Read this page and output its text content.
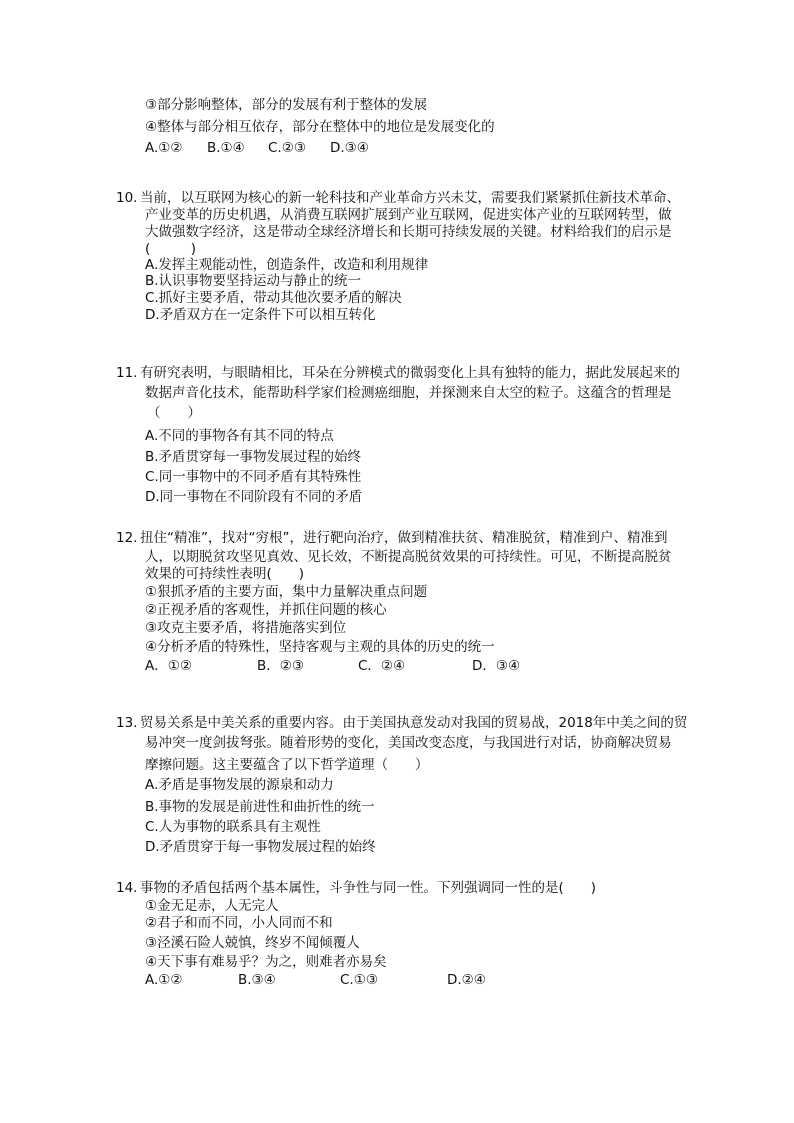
③部分影响整体，部分的发展有利于整体的发展
④整体与部分相互依存，部分在整体中的地位是发展变化的
A.①② B.①④ C.②③ D.③④
10. 当前，以互联网为核心的新一轮科技和产业革命方兴未艾，需要我们紧紧抓住新技术革命、
产业变革的历史机遇，从消费互联网扩展到产业互联网，促进实体产业的互联网转型，做
大做强数字经济，这是带动全球经济增长和长期可持续发展的关键。材料给我们的启示是
(　　　)
A.发挥主观能动性，创造条件，改造和利用规律
B.认识事物要坚持运动与静止的统一
C.抓好主要矛盾，带动其他次要矛盾的解决
D.矛盾双方在一定条件下可以相互转化
11. 有研究表明，与眼睛相比，耳朵在分辨模式的微弱变化上具有独特的能力，据此发展起来的
数据声音化技术，能帮助科学家们检测癌细胞，并探测来自太空的粒子。这蕴含的哲理是
（　　）
A.不同的事物各有其不同的特点
B.矛盾贯穿每一事物发展过程的始终
C.同一事物中的不同矛盾有其特殊性
D.同一事物在不同阶段有不同的矛盾
12. 扭住“精准”，找对“穷根”，进行靶向治疗，做到精准扶贫、精准脱贫，精准到户、精准到
人，以期脱贫攻坚见真效、见长效，不断提高脱贫效果的可持续性。可见，不断提高脱贫
效果的可持续性表明(　　)
①狠抓矛盾的主要方面，集中力量解决重点问题
②正视矛盾的客观性，并抓住问题的核心
③攻克主要矛盾，将措施落实到位
④分析矛盾的特殊性，坚持客观与主观的具体的历史的统一
A．①②	B．②③	C．②④	D．③④
13. 贸易关系是中美关系的重要内容。由于美国执意发动对我国的贸易战，2018年中美之间的贸
易冲突一度剑拔弩张。随着形势的变化，美国改变态度，与我国进行对话，协商解决贸易
摩擦问题。这主要蕴含了以下哲学道理（　　）
A.矛盾是事物发展的源泉和动力
B.事物的发展是前进性和曲折性的统一
C.人为事物的联系具有主观性
D.矛盾贯穿于每一事物发展过程的始终
14. 事物的矛盾包括两个基本属性，斗争性与同一性。下列强调同一性的是(　　)
①金无足赤，人无完人
②君子和而不同，小人同而不和
③泾溪石险人兢慎，终岁不闻倾覆人
④天下事有难易乎？为之，则难者亦易矣
A.①②	B.③④	C.①③	D.②④
